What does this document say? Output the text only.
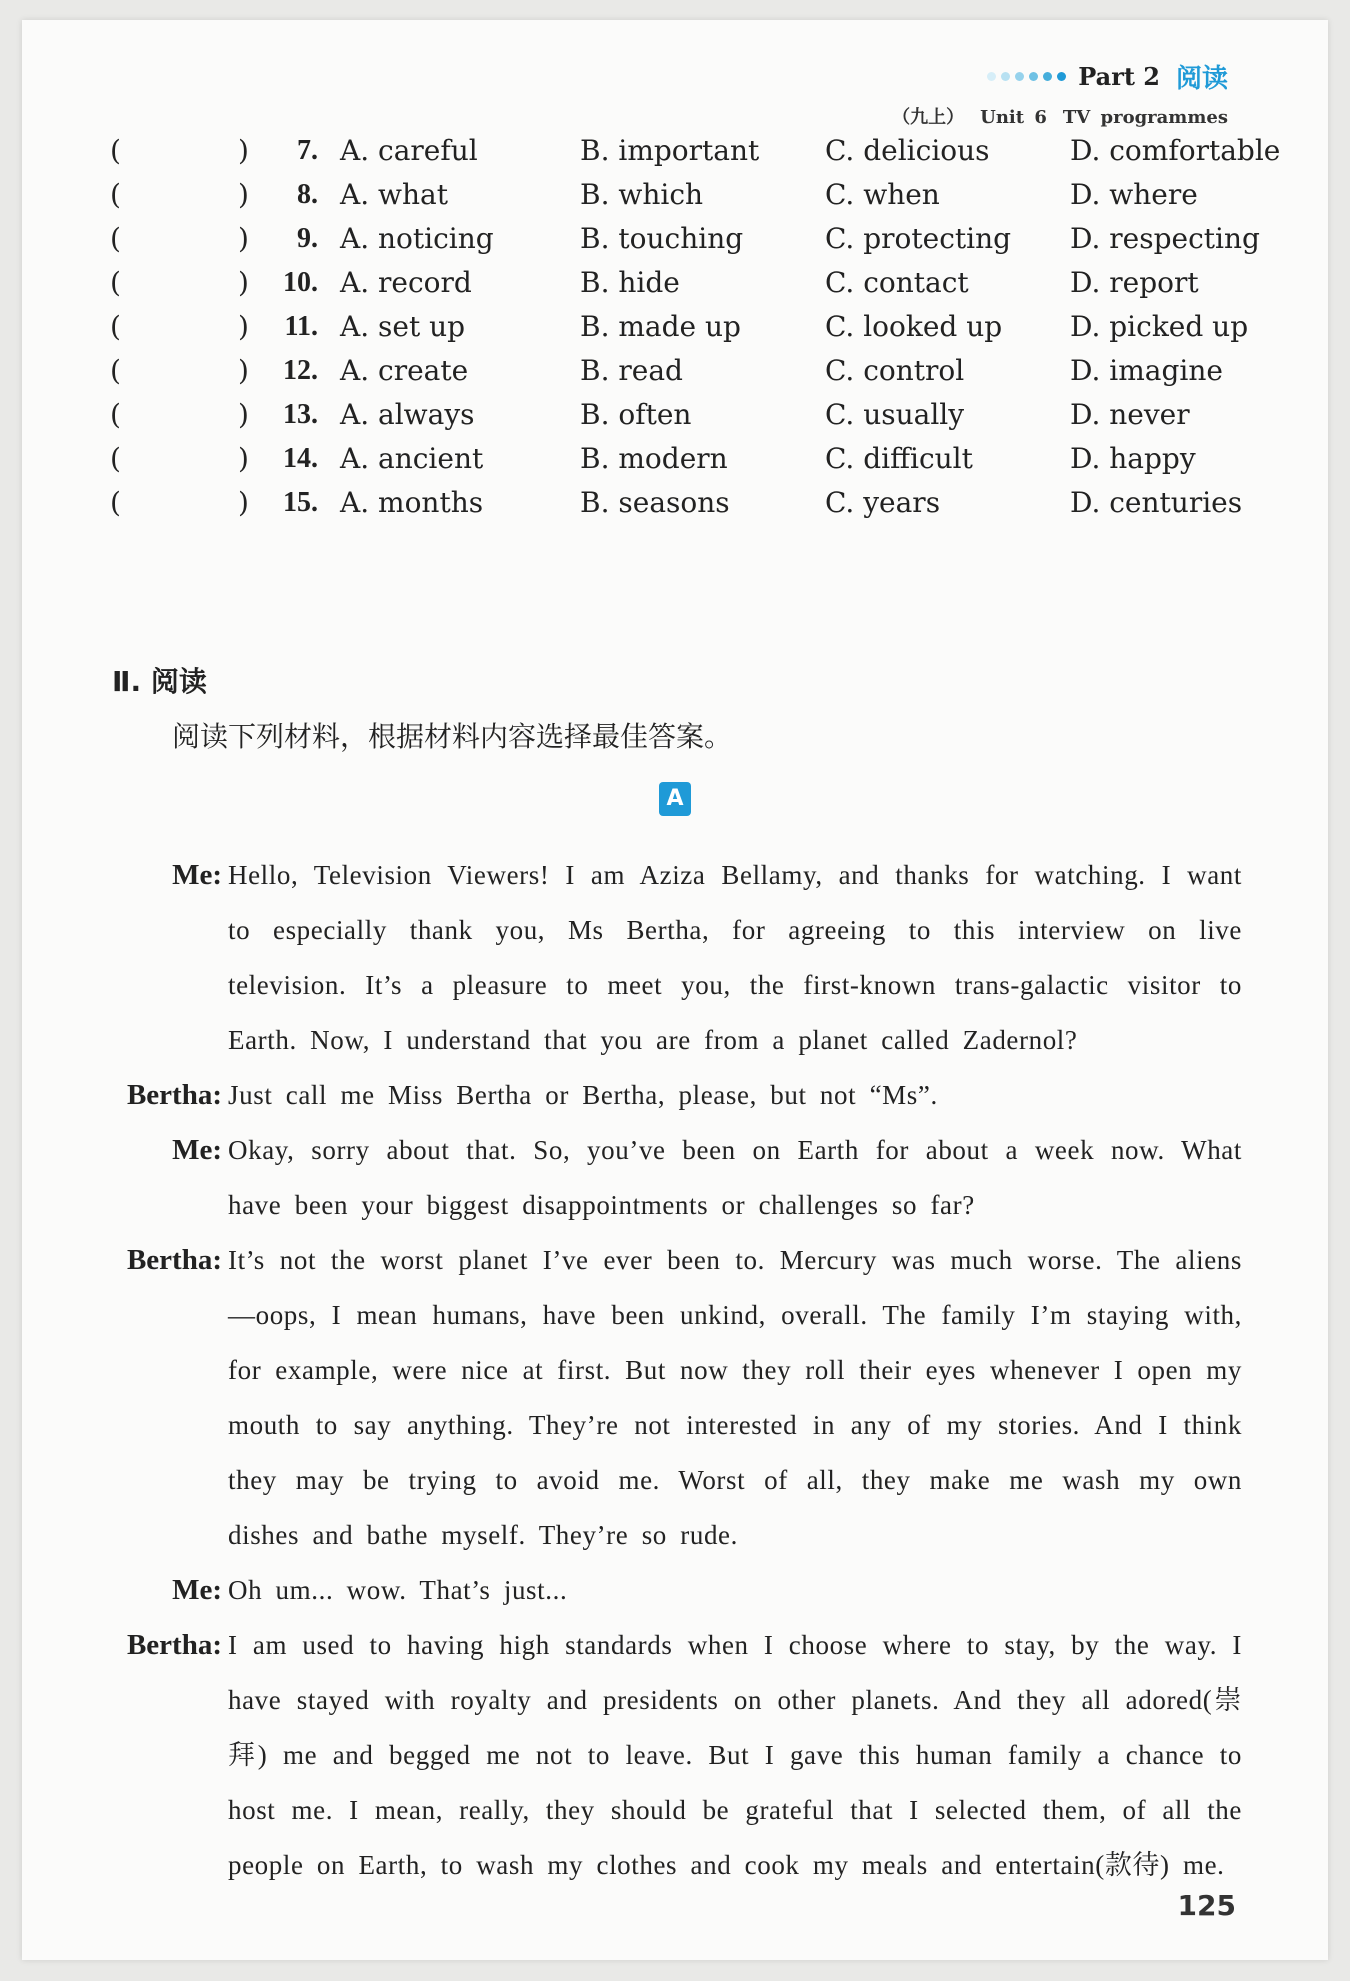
Part 2 阅读
（九上） Unit 6 TV programmes
(	)	7. A. careful	B. important C. delicious	D. comfortable
(	)	8. A. what	B. which	C. when	D. where
(	)	9. A. noticing	B. touching	C. protecting D. respecting
(	)	10. A. record	B. hide	C. contact	D. report
(	)	11. A. set up	B. made up	C. looked up D. picked up
(	)	12. A. create	B. read	C. control	D. imagine
(	)	13. A. always	B. often	C. usually	D. never
(	)	14. A. ancient	B. modern	C. difficult	D. happy
(	)	15. A. months	B. seasons	C. years	D. centuries
Ⅱ. 阅读
阅读下列材料，根据材料内容选择最佳答案。
A
Me: Hello, Television Viewers! I am Aziza Bellamy, and thanks for watching. I want to especially thank you, Ms Bertha, for agreeing to this interview on live television. It’s a pleasure to meet you, the first-known trans-galactic visitor to Earth. Now, I understand that you are from a planet called Zadernol?
Bertha: Just call me Miss Bertha or Bertha, please, but not “Ms”.
Me: Okay, sorry about that. So, you’ve been on Earth for about a week now. What have been your biggest disappointments or challenges so far?
Bertha: It’s not the worst planet I’ve ever been to. Mercury was much worse. The aliens—oops, I mean humans, have been unkind, overall. The family I’m staying with, for example, were nice at first. But now they roll their eyes whenever I open my mouth to say anything. They’re not interested in any of my stories. And I think they may be trying to avoid me. Worst of all, they make me wash my own dishes and bathe myself. They’re so rude.
Me: Oh um... wow. That’s just...
Bertha: I am used to having high standards when I choose where to stay, by the way. I have stayed with royalty and presidents on other planets. And they all adored(崇拜) me and begged me not to leave. But I gave this human family a chance to host me. I mean, really, they should be grateful that I selected them, of all the people on Earth, to wash my clothes and cook my meals and entertain(款待) me.
125
